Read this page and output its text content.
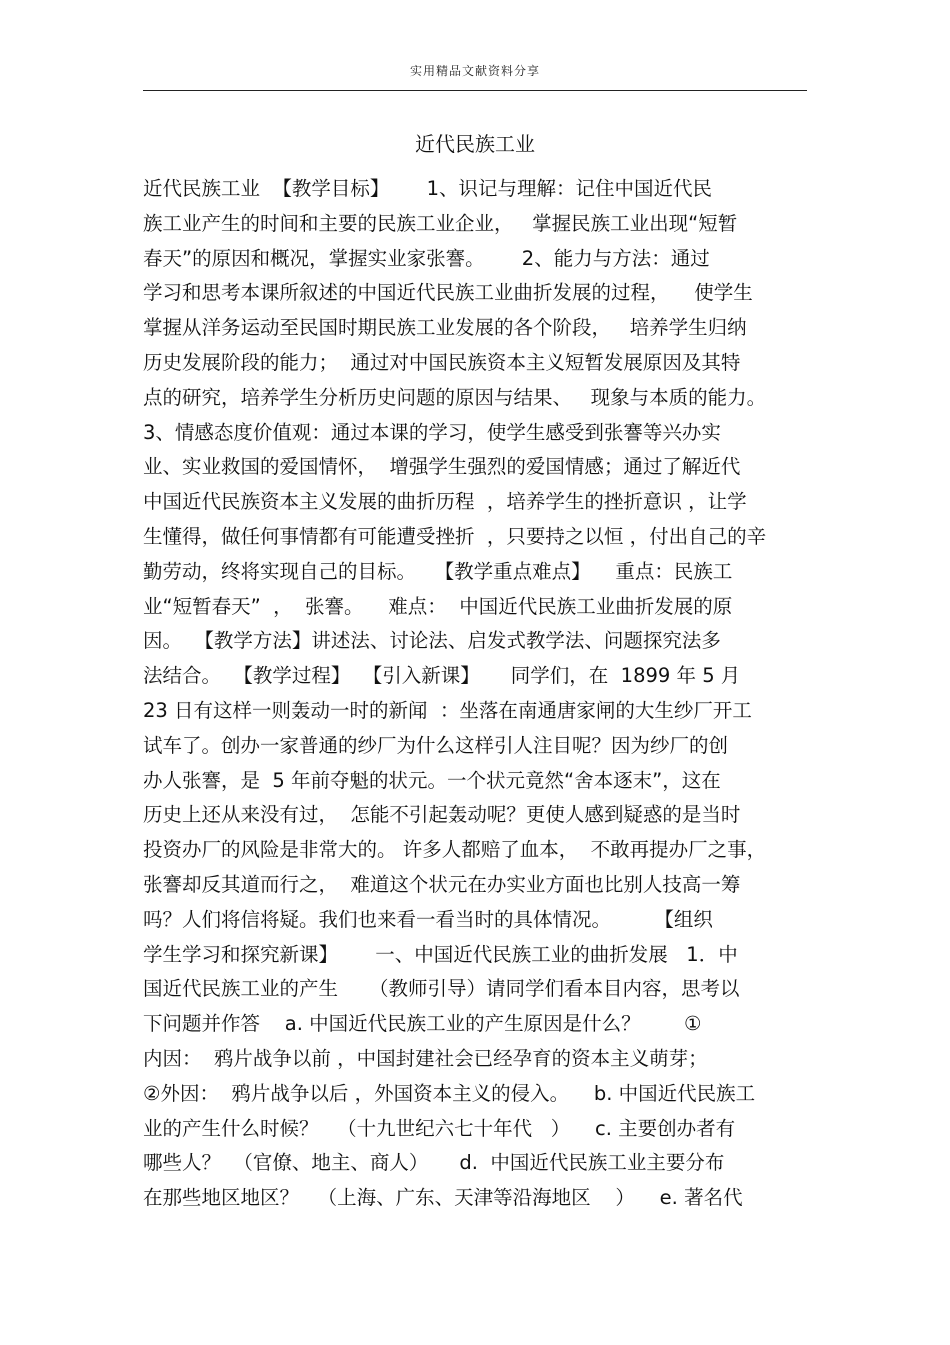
实用精品文献资料分享
近代民族工业
近代民族工业  【教学目标】      1、识记与理解：记住中国近代民
族工业产生的时间和主要的民族工业企业，   掌握民族工业出现“短暂
春天”的原因和概况，掌握实业家张謇。      2、能力与方法：通过
学习和思考本课所叙述的中国近代民族工业曲折发展的过程，    使学生
掌握从洋务运动至民国时期民族工业发展的各个阶段，   培养学生归纳
历史发展阶段的能力；  通过对中国民族资本主义短暂发展原因及其特
点的研究，培养学生分析历史问题的原因与结果、   现象与本质的能力。
3、情感态度价值观：通过本课的学习，使学生感受到张謇等兴办实
业、实业救国的爱国情怀，  增强学生强烈的爱国情感；通过了解近代
中国近代民族资本主义发展的曲折历程  ，培养学生的挫折意识 ，让学
生懂得，做任何事情都有可能遭受挫折  ，只要持之以恒 ，付出自己的辛
勤劳动，终将实现自己的目标。   【教学重点难点】    重点：民族工
业“短暂春天”  ，  张謇。    难点：  中国近代民族工业曲折发展的原
因。  【教学方法】讲述法、讨论法、启发式教学法、问题探究法多
法结合。  【教学过程】  【引入新课】     同学们，在  1899 年 5 月
23 日有这样一则轰动一时的新闻  ：坐落在南通唐家闸的大生纱厂开工
试车了。创办一家普通的纱厂为什么这样引人注目呢？因为纱厂的创
办人张謇，是  5 年前夺魁的状元。一个状元竟然“舍本逐末”，这在
历史上还从来没有过，  怎能不引起轰动呢？更使人感到疑惑的是当时
投资办厂的风险是非常大的。 许多人都赔了血本，  不敢再提办厂之事，
张謇却反其道而行之，  难道这个状元在办实业方面也比别人技高一筹
吗？人们将信将疑。我们也来看一看当时的具体情况。       【组织
学生学习和探究新课】      一、中国近代民族工业的曲折发展   1．中
国近代民族工业的产生     （教师引导）请同学们看本目内容，思考以
下问题并作答    a. 中国近代民族工业的产生原因是什么？       ①
内因：  鸦片战争以前 ，中国封建社会已经孕育的资本主义萌芽；
②外因：  鸦片战争以后 ，外国资本主义的侵入。    b. 中国近代民族工
业的产生什么时候？   （十九世纪六七十年代   ）    c. 主要创办者有
哪些人？  （官僚、地主、商人）     d.  中国近代民族工业主要分布
在那些地区地区？   （上海、广东、天津等沿海地区    ）    e. 著名代
